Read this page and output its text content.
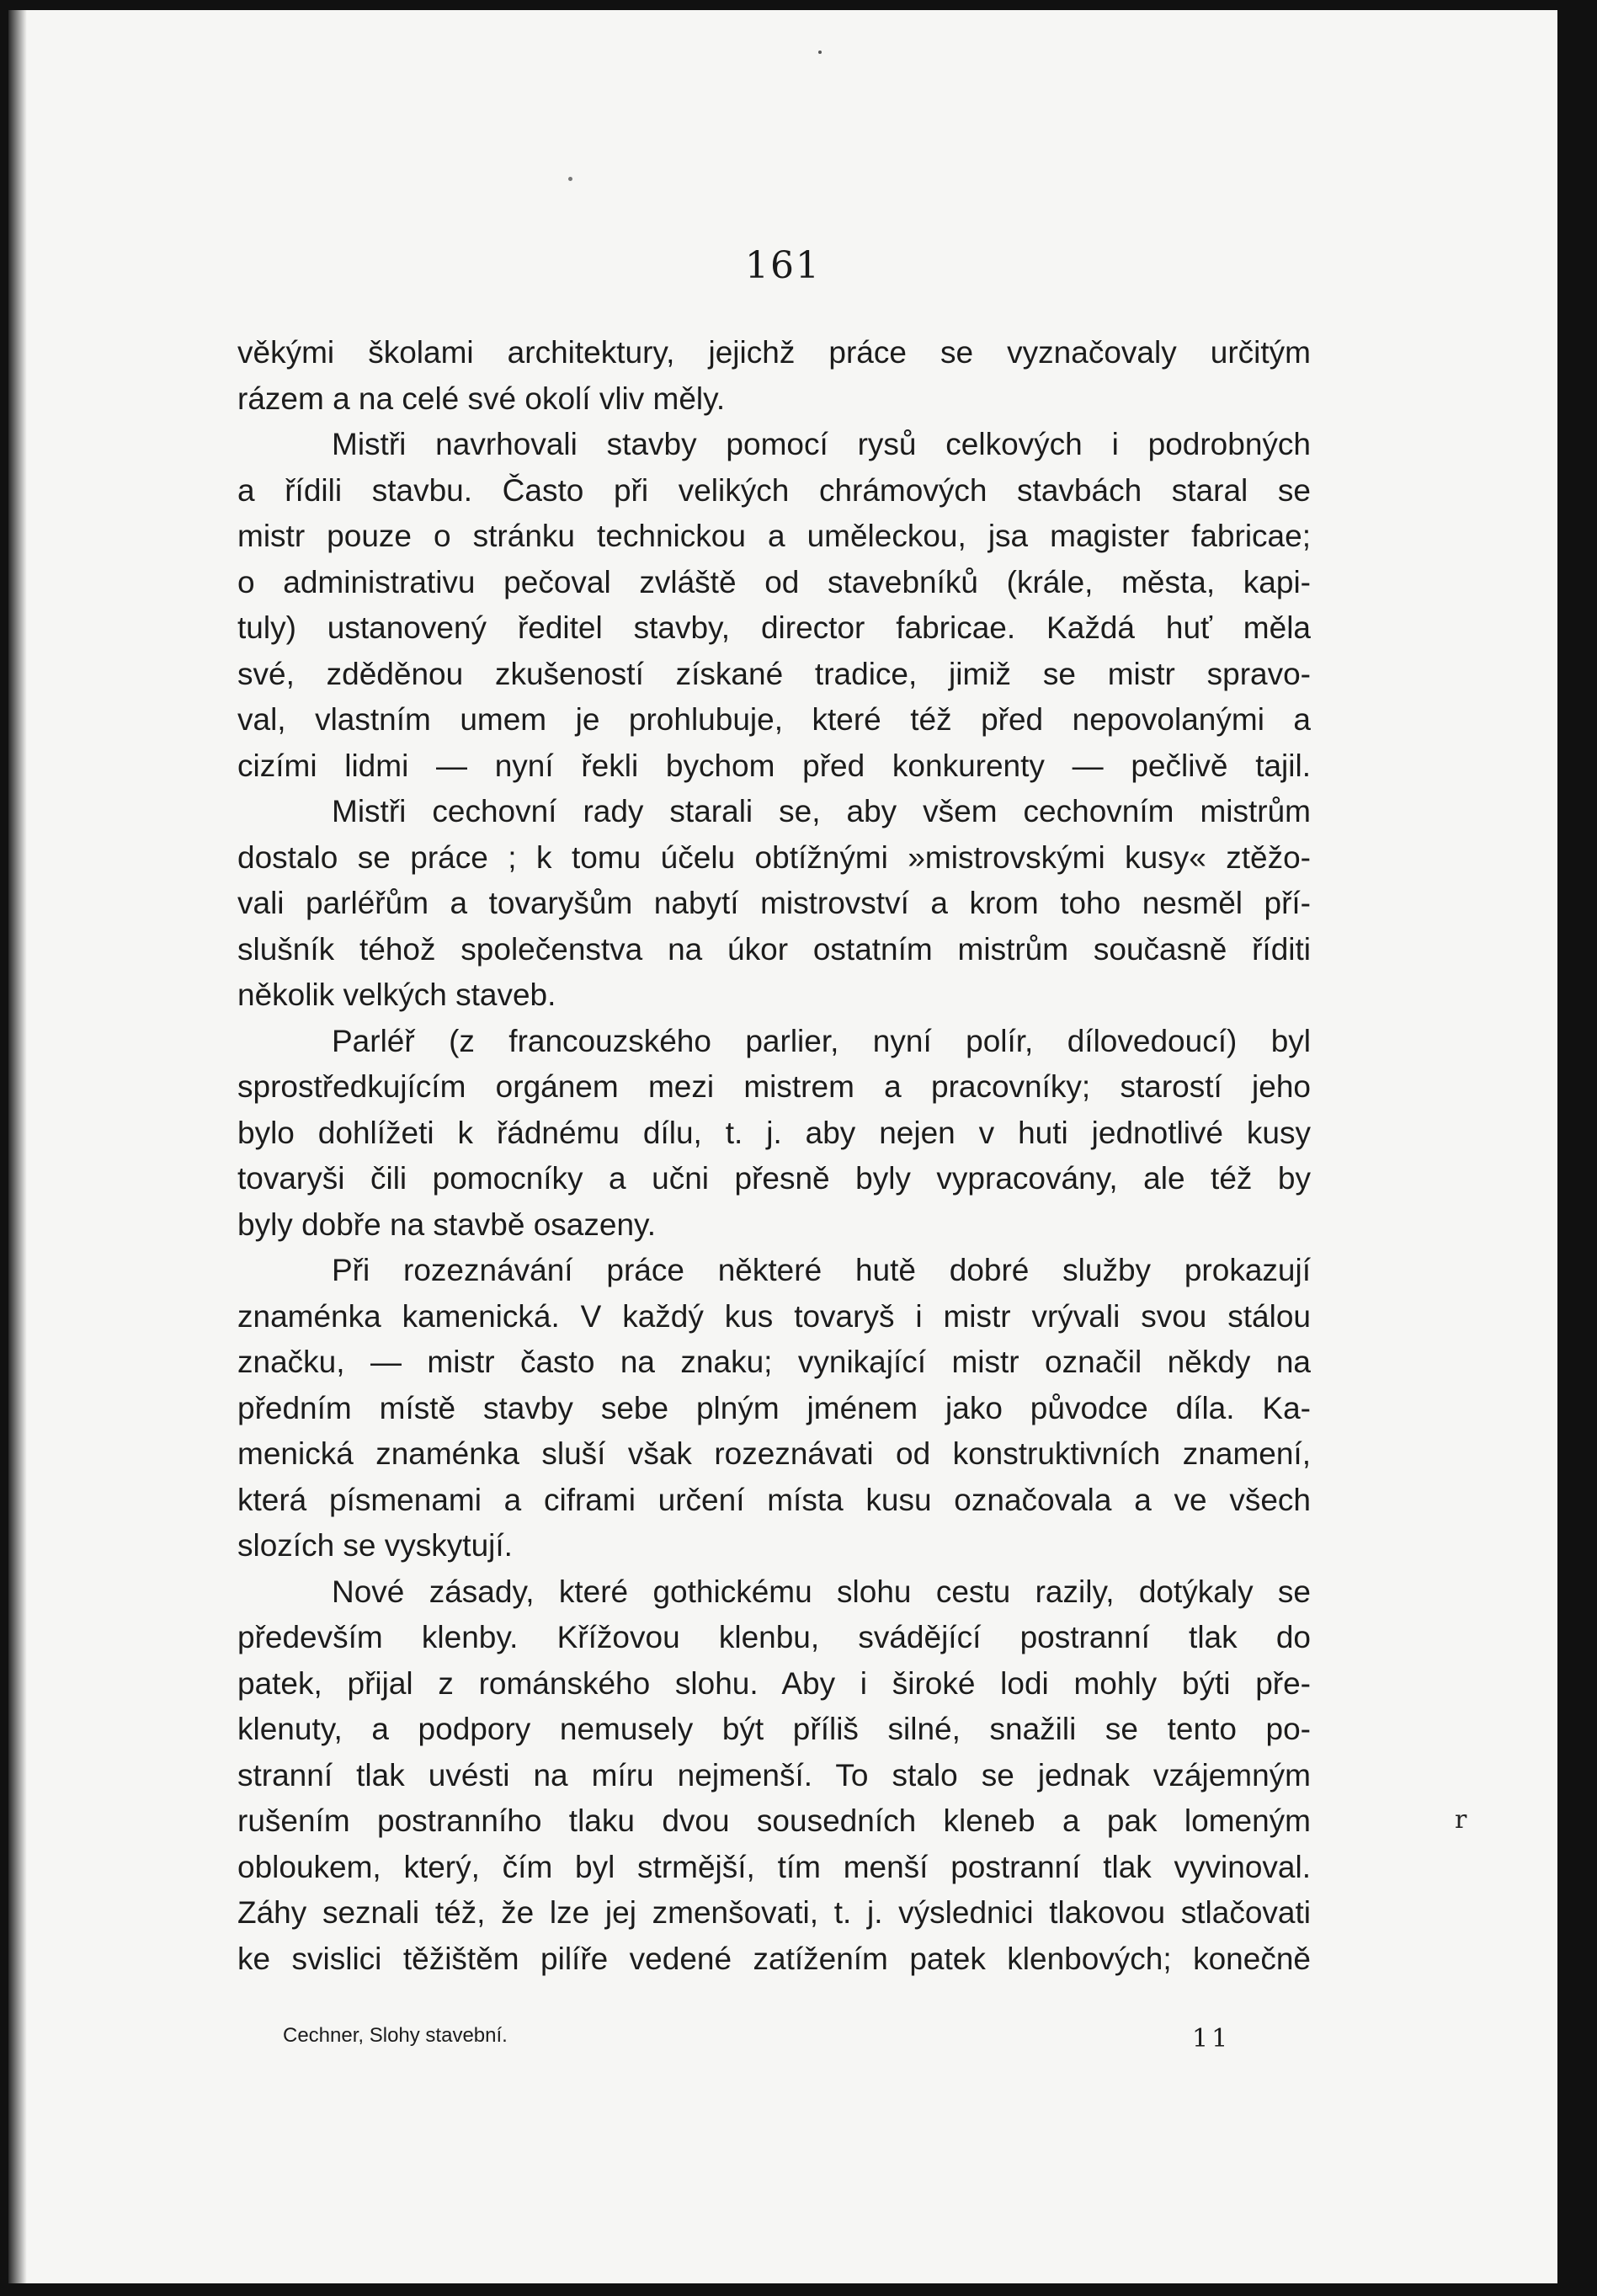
r
161
věkými školami architektury, jejichž práce se vyznačovaly určitým
rázem a na celé své okolí vliv měly.
Mistři navrhovali stavby pomocí rysů celkových i podrobných
a řídili stavbu. Často při velikých chrámových stavbách staral se
mistr pouze o stránku technickou a uměleckou, jsa magister fabricae;
o administrativu pečoval zvláště od stavebníků (krále, města, kapi-
tuly) ustanovený ředitel stavby, director fabricae. Každá huť měla
své, zděděnou zkušeností získané tradice, jimiž se mistr spravo-
val, vlastním umem je prohlubuje, které též před nepovolanými a
cizími lidmi — nyní řekli bychom před konkurenty — pečlivě tajil.
Mistři cechovní rady starali se, aby všem cechovním mistrům
dostalo se práce ; k tomu účelu obtížnými »mistrovskými kusy« ztěžo-
vali parléřům a tovaryšům nabytí mistrovství a krom toho nesměl pří-
slušník téhož společenstva na úkor ostatním mistrům současně říditi
několik velkých staveb.
Parléř (z francouzského parlier, nyní polír, dílovedoucí) byl
sprostředkujícím orgánem mezi mistrem a pracovníky; starostí jeho
bylo dohlížeti k řádnému dílu, t. j. aby nejen v huti jednotlivé kusy
tovaryši čili pomocníky a učni přesně byly vypracovány, ale též by
byly dobře na stavbě osazeny.
Při rozeznávání práce některé hutě dobré služby prokazují
znaménka kamenická. V každý kus tovaryš i mistr vrývali svou stálou
značku, — mistr často na znaku; vynikající mistr označil někdy na
předním místě stavby sebe plným jménem jako původce díla. Ka-
menická znaménka sluší však rozeznávati od konstruktivních znamení,
která písmenami a ciframi určení místa kusu označovala a ve všech
slozích se vyskytují.
Nové zásady, které gothickému slohu cestu razily, dotýkaly se
především klenby. Křížovou klenbu, svádějící postranní tlak do
patek, přijal z románského slohu. Aby i široké lodi mohly býti pře-
klenuty, a podpory nemusely být příliš silné, snažili se tento po-
stranní tlak uvésti na míru nejmenší. To stalo se jednak vzájemným
rušením postranního tlaku dvou sousedních kleneb a pak lomeným
obloukem, který, čím byl strmější, tím menší postranní tlak vyvinoval.
Záhy seznali též, že lze jej zmenšovati, t. j. výslednici tlakovou stlačovati
ke svislici těžištěm pilíře vedené zatížením patek klenbových; konečně
Cechner, Slohy stavební.	11
